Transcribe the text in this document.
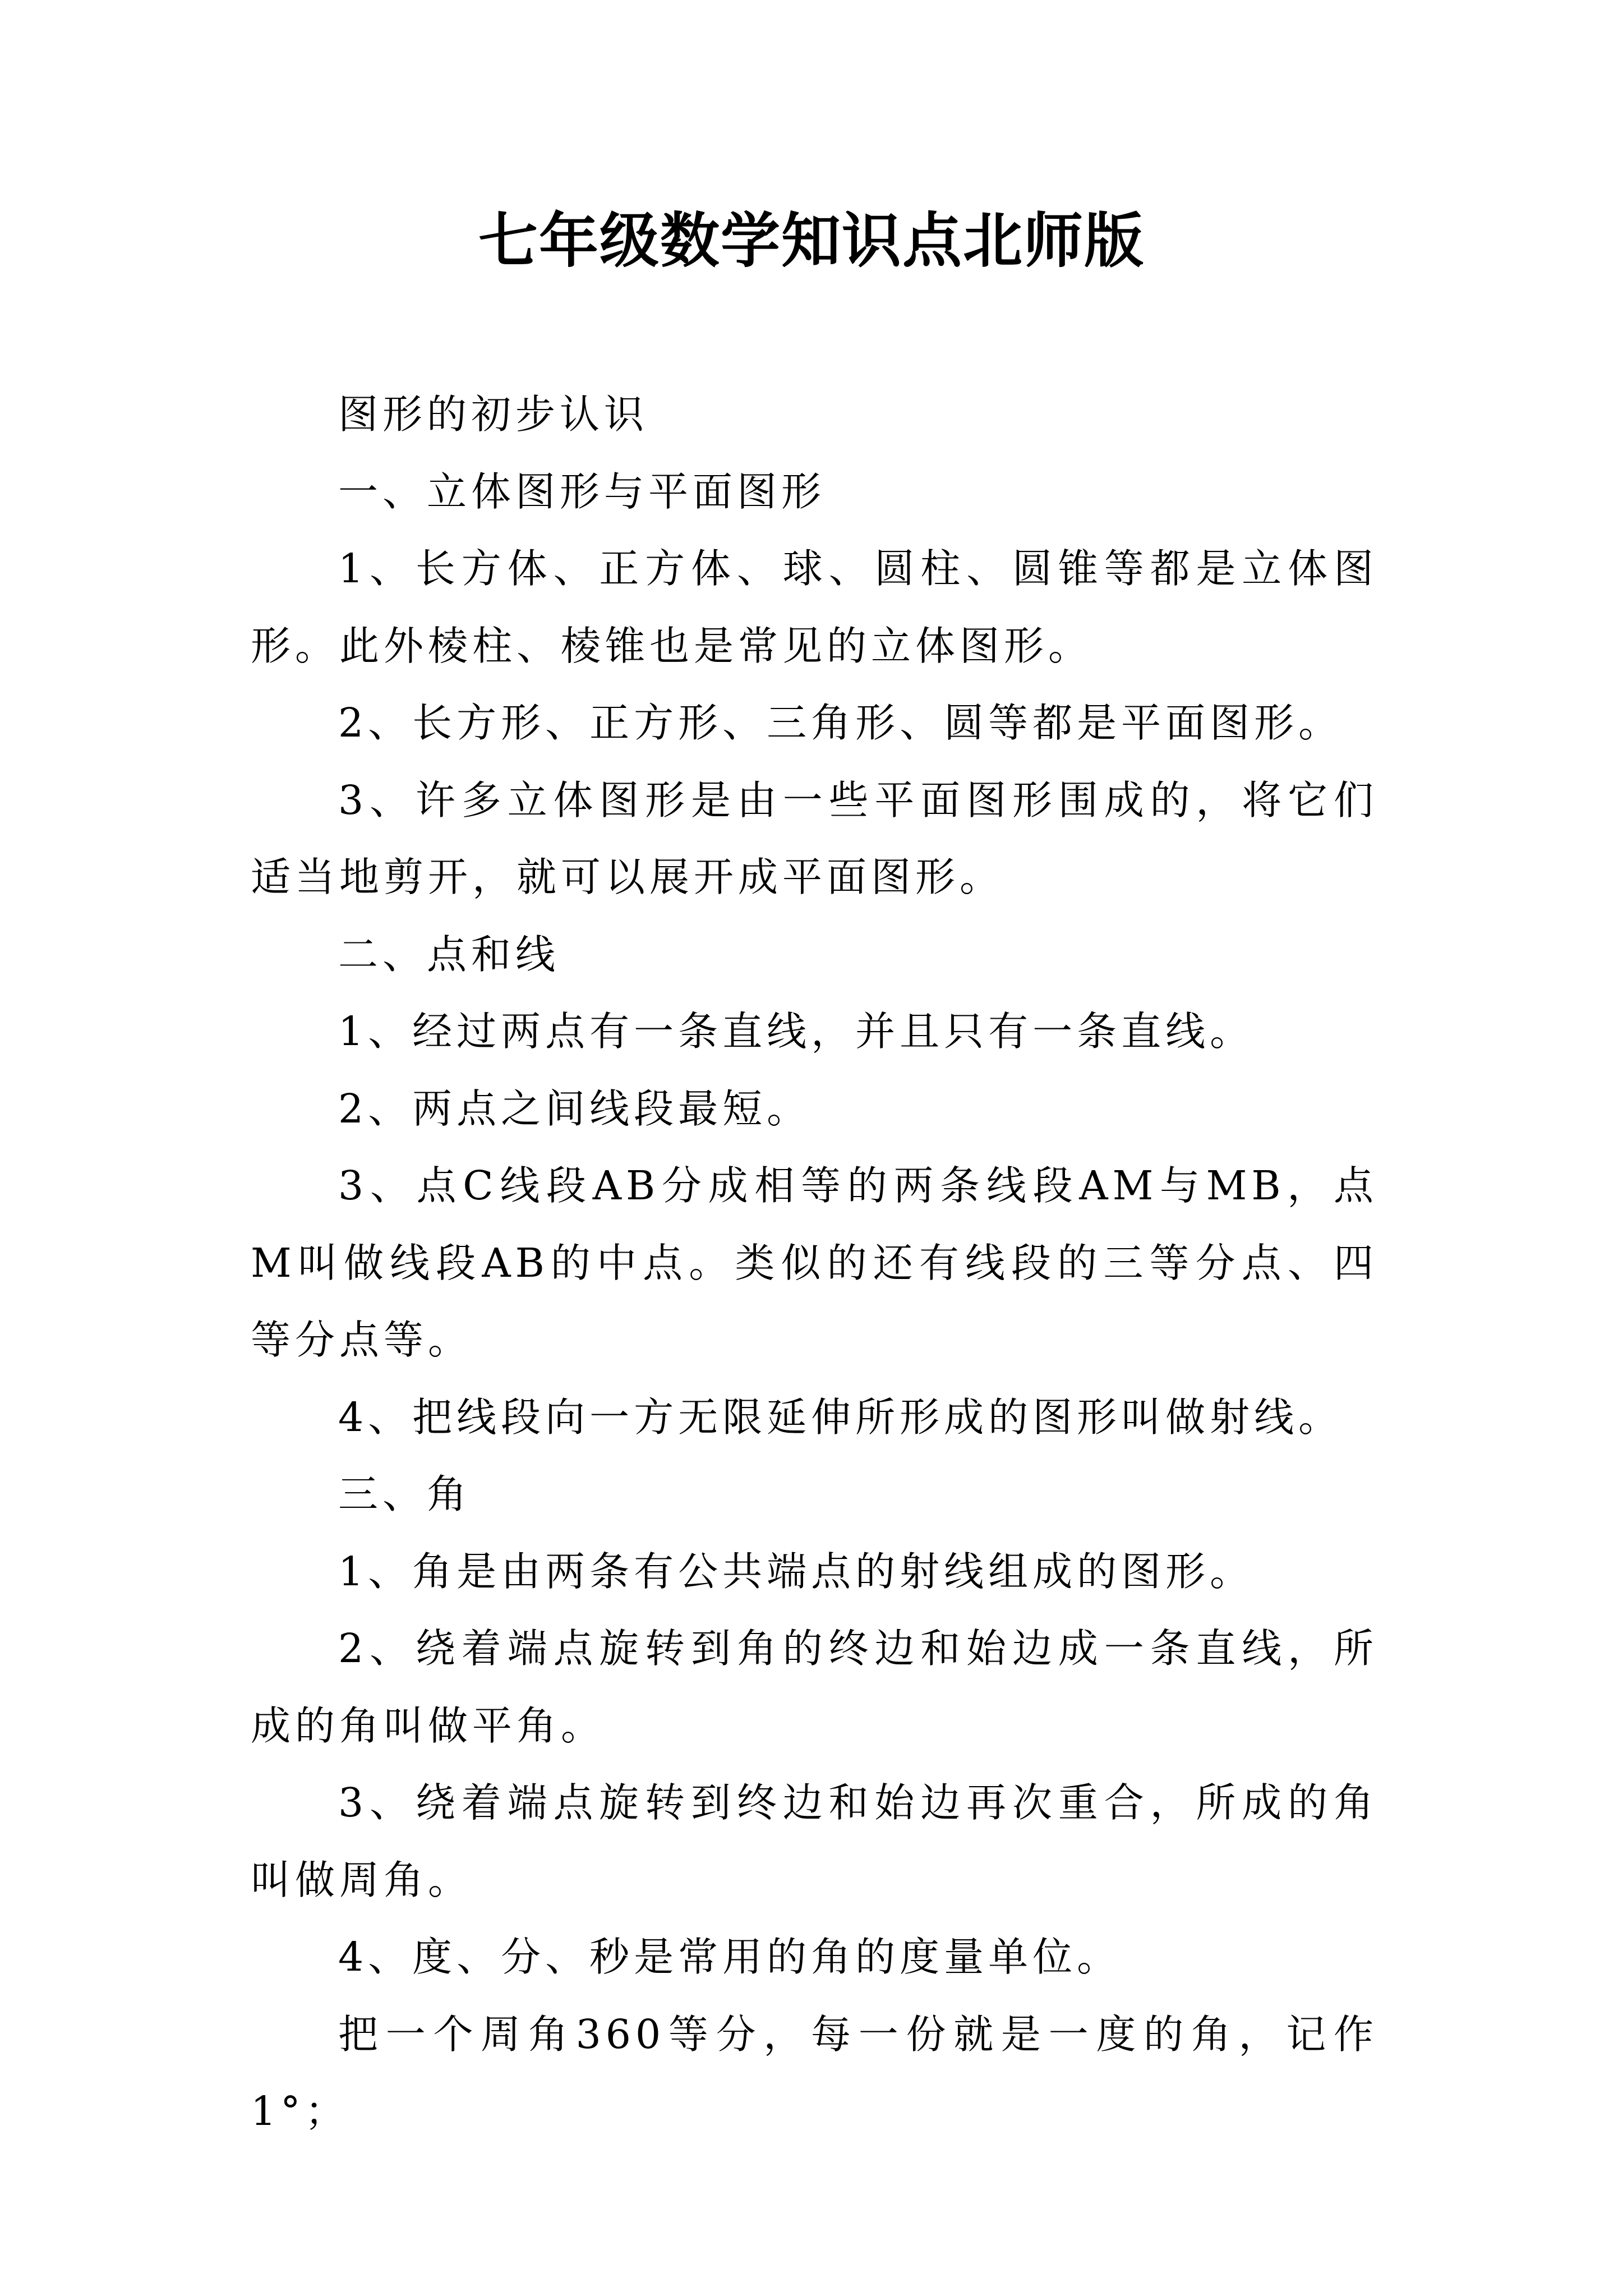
七年级数学知识点北师版

图形的初步认识

一、立体图形与平面图形

1、长方体、正方体、球、圆柱、圆锥等都是立体图形。此外棱柱、棱锥也是常见的立体图形。

2、长方形、正方形、三角形、圆等都是平面图形。

3、许多立体图形是由一些平面图形围成的，将它们适当地剪开，就可以展开成平面图形。

二、点和线

1、经过两点有一条直线，并且只有一条直线。

2、两点之间线段最短。

3、点C线段AB分成相等的两条线段AM与MB，点M叫做线段AB的中点。类似的还有线段的三等分点、四等分点等。

4、把线段向一方无限延伸所形成的图形叫做射线。

三、角

1、角是由两条有公共端点的射线组成的图形。

2、绕着端点旋转到角的终边和始边成一条直线，所成的角叫做平角。

3、绕着端点旋转到终边和始边再次重合，所成的角叫做周角。

4、度、分、秒是常用的角的度量单位。

把一个周角360等分，每一份就是一度的角，记作1°；
